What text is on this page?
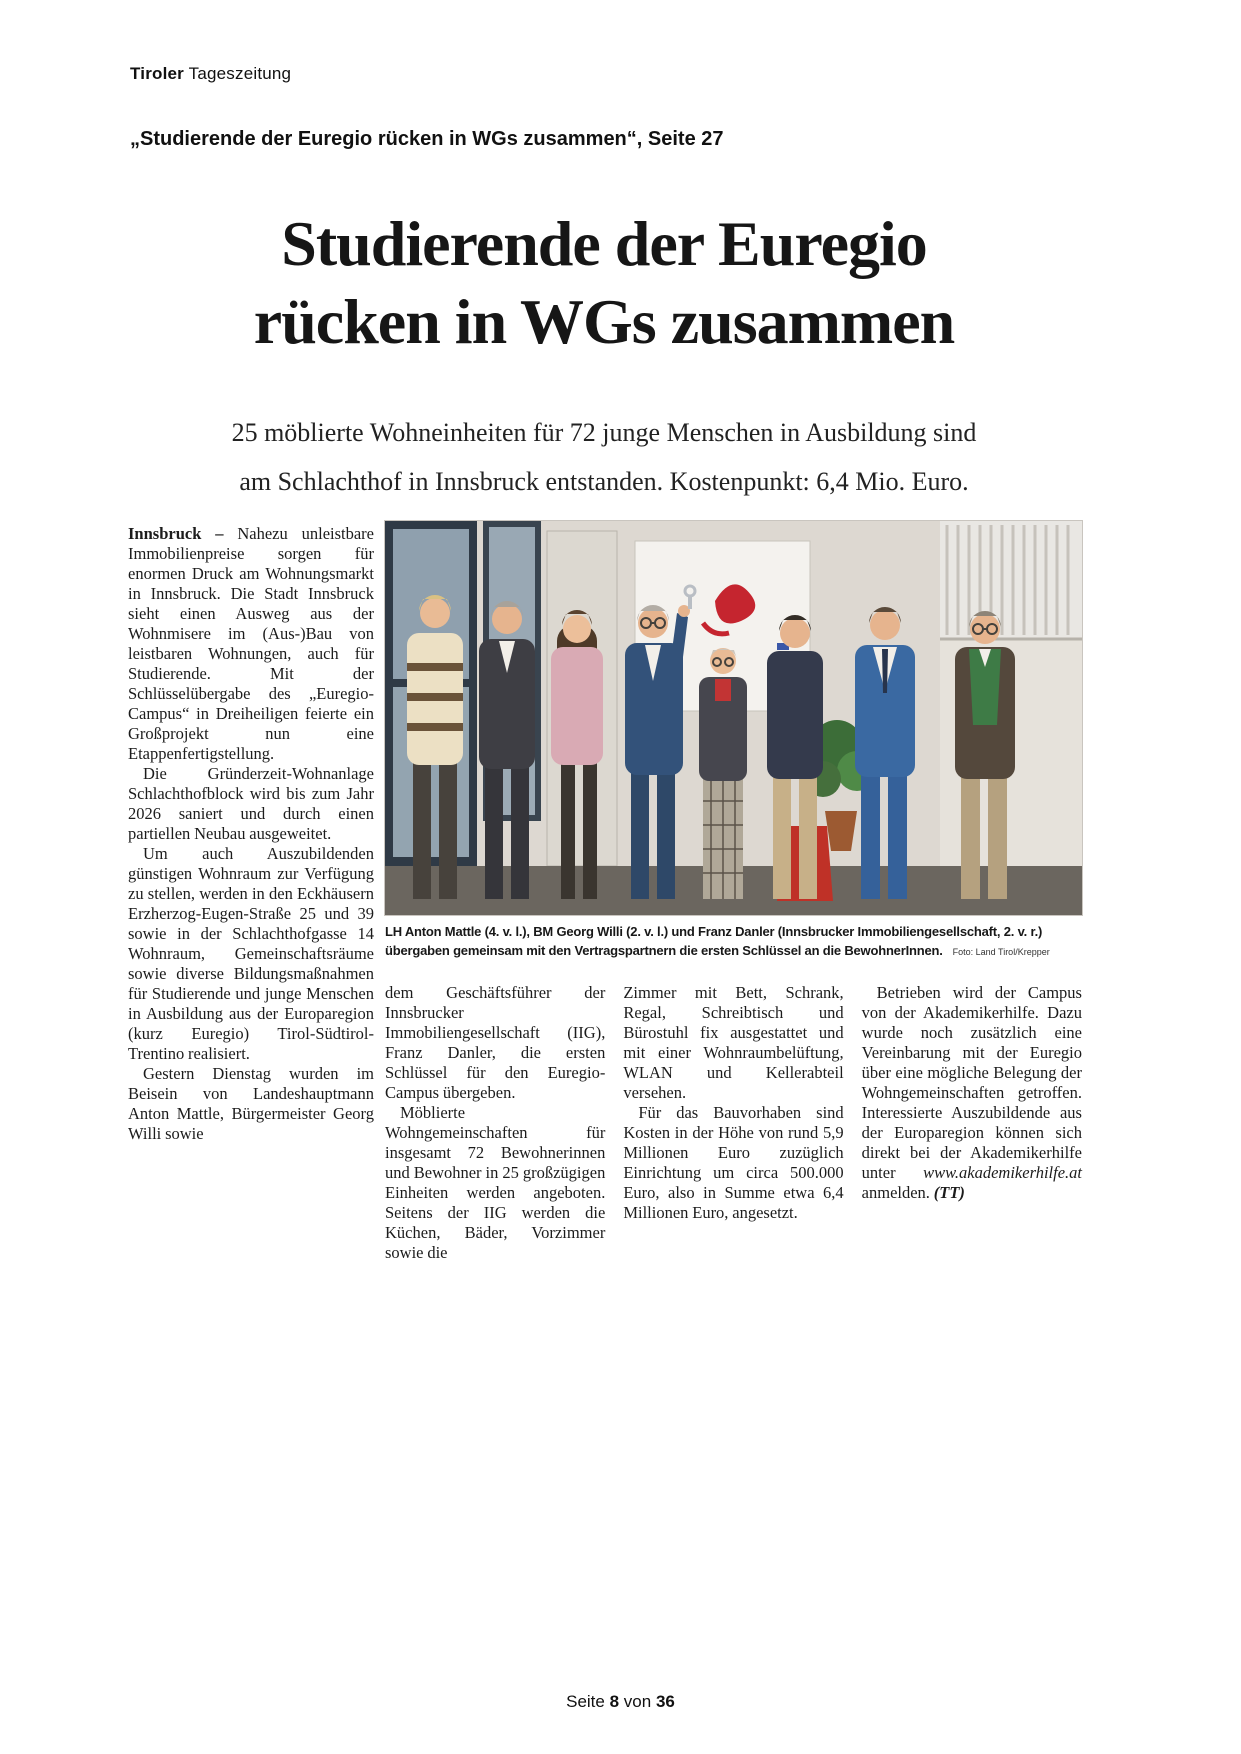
Tiroler Tageszeitung
„Studierende der Euregio rücken in WGs zusammen“, Seite 27
Studierende der Euregio
rücken in WGs zusammen
25 möblierte Wohneinheiten für 72 junge Menschen in Ausbildung sind
am Schlachthof in Innsbruck entstanden. Kostenpunkt: 6,4 Mio. Euro.

Innsbruck – Nahezu unleistbare Immobilienpreise sorgen für enormen Druck am Wohnungsmarkt in Innsbruck. Die Stadt Innsbruck sieht einen Ausweg aus der Wohnmisere im (Aus-)Bau von leistbaren Wohnungen, auch für Studierende. Mit der Schlüsselübergabe des „Euregio-Campus“ in Dreiheiligen feierte ein Großprojekt nun eine Etappenfertigstellung.

Die Gründerzeit-Wohnanlage Schlachthofblock wird bis zum Jahr 2026 saniert und durch einen partiellen Neubau ausgeweitet.

Um auch Auszubildenden günstigen Wohnraum zur Verfügung zu stellen, werden in den Eckhäusern Erzherzog-Eugen-Straße 25 und 39 sowie in der Schlachthofgasse 14 Wohnraum, Gemeinschaftsräume sowie diverse Bildungsmaßnahmen für Studierende und junge Menschen in Ausbildung aus der Europaregion (kurz Euregio) Tirol-Südtirol-Trentino realisiert.

Gestern Dienstag wurden im Beisein von Landeshauptmann Anton Mattle, Bürgermeister Georg Willi sowie

LH Anton Mattle (4. v. l.), BM Georg Willi (2. v. l.) und Franz Danler (Innsbrucker Immobiliengesellschaft, 2. v. r.) übergaben gemeinsam mit den Vertragspartnern die ersten Schlüssel an die BewohnerInnen. Foto: Land Tirol/Krepper

dem Geschäftsführer der Innsbrucker Immobiliengesellschaft (IIG), Franz Danler, die ersten Schlüssel für den Euregio-Campus übergeben.

Möblierte Wohngemeinschaften für insgesamt 72 Bewohnerinnen und Bewohner in 25 großzügigen Einheiten werden angeboten. Seitens der IIG werden die Küchen, Bäder, Vorzimmer sowie die

Zimmer mit Bett, Schrank, Regal, Schreibtisch und Bürostuhl fix ausgestattet und mit einer Wohnraumbelüftung, WLAN und Kellerabteil versehen.

Für das Bauvorhaben sind Kosten in der Höhe von rund 5,9 Millionen Euro zuzüglich Einrichtung um circa 500.000 Euro, also in Summe etwa 6,4 Millionen Euro, angesetzt.

Betrieben wird der Campus von der Akademikerhilfe. Dazu wurde noch zusätzlich eine Vereinbarung mit der Euregio über eine mögliche Belegung der Wohngemeinschaften getroffen. Interessierte Auszubildende aus der Europaregion können sich direkt bei der Akademikerhilfe unter www.akademikerhilfe.at anmelden. (TT)

Seite 8 von 36
